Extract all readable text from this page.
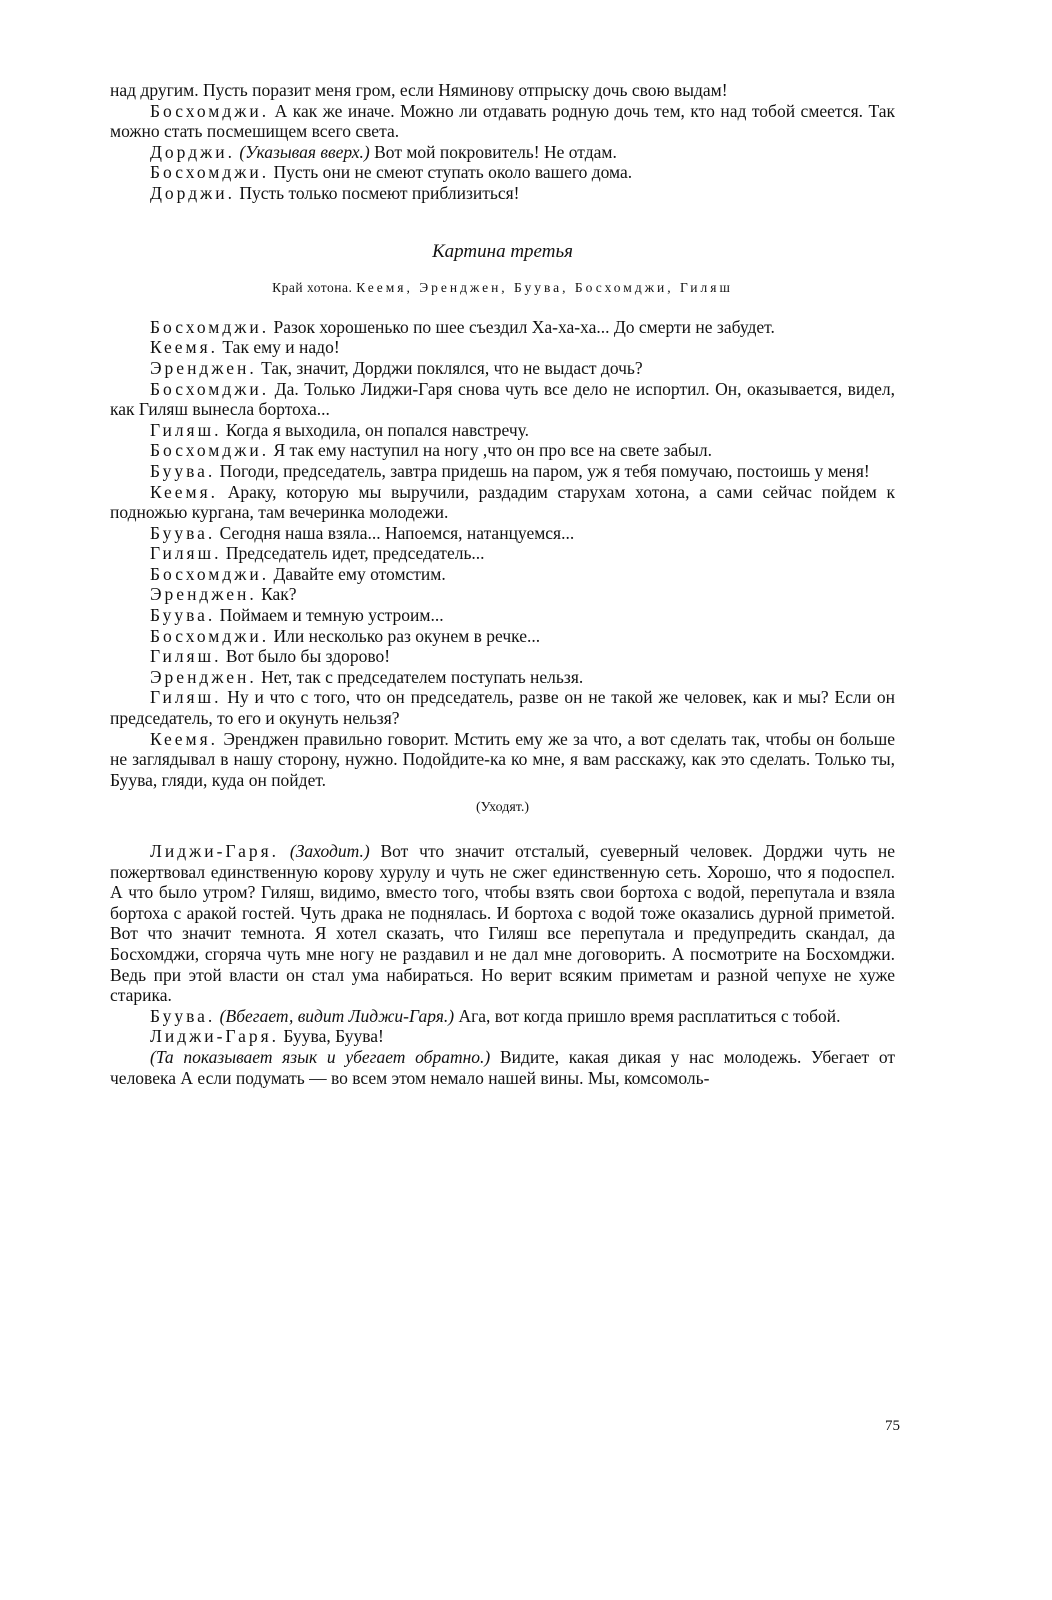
над другим. Пусть поразит меня гром, если Няминову отпрыску дочь свою выдам!

Босхомджи. А как же иначе. Можно ли отдавать родную дочь тем, кто над тобой смеется. Так можно стать посмешищем всего света.

Дорджи. (Указывая вверх.) Вот мой покровитель! Не отдам.

Босхомджи. Пусть они не смеют ступать около вашего дома.

Дорджи. Пусть только посмеют приблизиться!

Картина третья
Край хотона. Кеемя, Эренджен, Буува, Босхомджи, Гиляш

Босхомджи. Разок хорошенько по шее съездил Ха-ха-ха... До смерти не забудет.

Кеемя. Так ему и надо!

Эренджен. Так, значит, Дорджи поклялся, что не выдаст дочь?

Босхомджи. Да. Только Лиджи-Гаря снова чуть все дело не испортил. Он, оказывается, видел, как Гиляш вынесла бортоха...

Гиляш. Когда я выходила, он попался навстречу.

Босхомджи. Я так ему наступил на ногу ,что он про все на свете забыл.

Буува. Погоди, председатель, завтра придешь на паром, уж я тебя помучаю, постоишь у меня!

Кеемя. Араку, которую мы выручили, раздадим старухам хотона, а сами сейчас пойдем к подножью кургана, там вечеринка молодежи.

Буува. Сегодня наша взяла... Напоемся, натанцуемся...

Гиляш. Председатель идет, председатель...

Босхомджи. Давайте ему отомстим.

Эренджен. Как?

Буува. Поймаем и темную устроим...

Босхомджи. Или несколько раз окунем в речке...

Гиляш. Вот было бы здорово!

Эренджен. Нет, так с председателем поступать нельзя.

Гиляш. Ну и что с того, что он председатель, разве он не такой же человек, как и мы? Если он председатель, то его и окунуть нельзя?

Кеемя. Эренджен правильно говорит. Мстить ему же за что, а вот сделать так, чтобы он больше не заглядывал в нашу сторону, нужно. Подойдите-ка ко мне, я вам расскажу, как это сделать. Только ты, Буува, гляди, куда он пойдет.

(Уходят.)

Лиджи-Гаря. (Заходит.) Вот что значит отсталый, суеверный человек. Дорджи чуть не пожертвовал единственную корову хурулу и чуть не сжег единственную сеть. Хорошо, что я подоспел. А что было утром? Гиляш, видимо, вместо того, чтобы взять свои бортоха с водой, перепутала и взяла бортоха с аракой гостей. Чуть драка не поднялась. И бортоха с водой тоже оказались дурной приметой. Вот что значит темнота. Я хотел сказать, что Гиляш все перепутала и предупредить скандал, да Босхомджи, сгоряча чуть мне ногу не раздавил и не дал мне договорить. А посмотрите на Босхомджи. Ведь при этой власти он стал ума набираться. Но верит всяким приметам и разной чепухе не хуже старика.

Буува. (Вбегает, видит Лиджи-Гаря.) Ага, вот когда пришло время расплатиться с тобой.

Лиджи-Гаря. Буува, Буува!

(Та показывает язык и убегает обратно.) Видите, какая дикая у нас молодежь. Убегает от человека А если подумать — во всем этом немало нашей вины. Мы, комсомоль-

75
